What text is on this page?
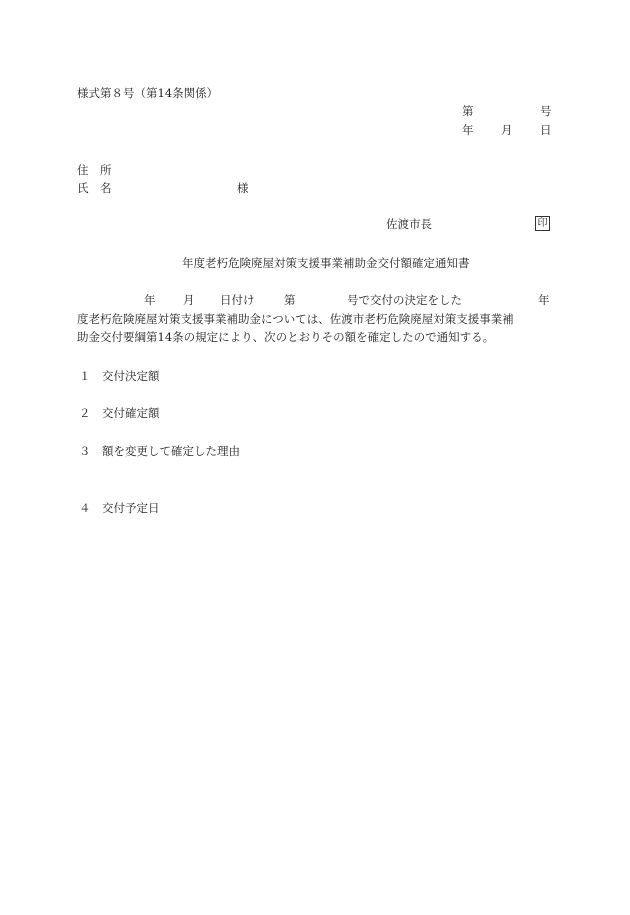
様式第８号（第14条関係）
第	号
年 月 日
住　所
氏　名	様
佐渡市長	印
年度老朽危険廃屋対策支援事業補助金交付額確定通知書
年 月 日付け	第	号で交付の決定をした	年
度老朽危険廃屋対策支援事業補助金については、佐渡市老朽危険廃屋対策支援事業補
助金交付要綱第14条の規定により、次のとおりその額を確定したので通知する。
１ 交付決定額
２ 交付確定額
３ 額を変更して確定した理由
４ 交付予定日
